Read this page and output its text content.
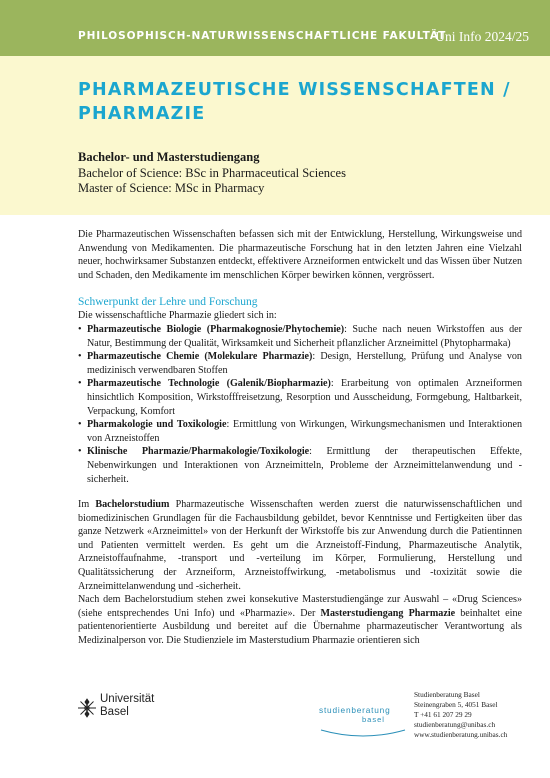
PHILOSOPHISCH-NATURWISSENSCHAFTLICHE FAKULTÄT
Uni Info 2024/25
PHARMAZEUTISCHE WISSENSCHAFTEN /
PHARMAZIE
Bachelor- und Masterstudiengang
Bachelor of Science: BSc in Pharmaceutical Sciences
Master of Science: MSc in Pharmacy

Die Pharmazeutischen Wissenschaften befassen sich mit der Entwicklung, Herstellung, Wirkungsweise und Anwendung von Medikamenten. Die pharmazeutische Forschung hat in den letzten Jahren eine Vielzahl neuer, hochwirksamer Substanzen entdeckt, effektivere Arzneiformen entwickelt und das Wissen über Nutzen und Schaden, den Medikamente im menschlichen Körper bewirken können, vergrössert.

Schwerpunkt der Lehre und Forschung

Die wissenschaftliche Pharmazie gliedert sich in:

• Pharmazeutische Biologie (Pharmakognosie/Phytochemie): Suche nach neuen Wirkstoffen aus der Natur, Bestimmung der Qualität, Wirksamkeit und Sicherheit pflanzlicher Arzneimittel (Phytopharmaka)
• Pharmazeutische Chemie (Molekulare Pharmazie): Design, Herstellung, Prüfung und Analyse von medizinisch verwendbaren Stoffen
• Pharmazeutische Technologie (Galenik/Biopharmazie): Erarbeitung von optimalen Arzneiformen hinsichtlich Komposition, Wirkstofffreisetzung, Resorption und Ausscheidung, Formgebung, Haltbarkeit, Verpackung, Komfort
• Pharmakologie und Toxikologie: Ermittlung von Wirkungen, Wirkungsmechanismen und Interaktionen von Arzneistoffen
• Klinische Pharmazie/Pharmakologie/Toxikologie: Ermittlung der therapeutischen Effekte, Nebenwirkungen und Interaktionen von Arzneimitteln, Probleme der Arzneimittelanwendung und -sicherheit.

Im Bachelorstudium Pharmazeutische Wissenschaften werden zuerst die naturwissenschaftlichen und biomedizinischen Grundlagen für die Fachausbildung gebildet, bevor Kenntnisse und Fertigkeiten über das ganze Netzwerk «Arzneimittel» von der Herkunft der Wirkstoffe bis zur Anwendung durch die Patientinnen und Patienten vermittelt werden. Es geht um die Arzneistoff-Findung, Pharmazeutische Analytik, Arzneistoffaufnahme, -transport und -verteilung im Körper, Formulierung, Herstellung und Qualitätssicherung der Arzneiform, Arzneistoffwirkung, -metabolismus und -toxizität sowie die Arzneimittelanwendung und -sicherheit.

Nach dem Bachelorstudium stehen zwei konsekutive Masterstudiengänge zur Auswahl – «Drug Sciences» (siehe entsprechendes Uni Info) und «Pharmazie». Der Masterstudiengang Pharmazie beinhaltet eine patientenorientierte Ausbildung und bereitet auf die Übernahme pharmazeutischer Verantwortung als Medizinalperson vor. Die Studienziele im Masterstudium Pharmazie orientieren sich

Universität
Basel	studienberatung
basel
Studienberatung Basel
Steinengraben 5, 4051 Basel
T +41 61 207 29 29
studienberatung@unibas.ch
www.studienberatung.unibas.ch
